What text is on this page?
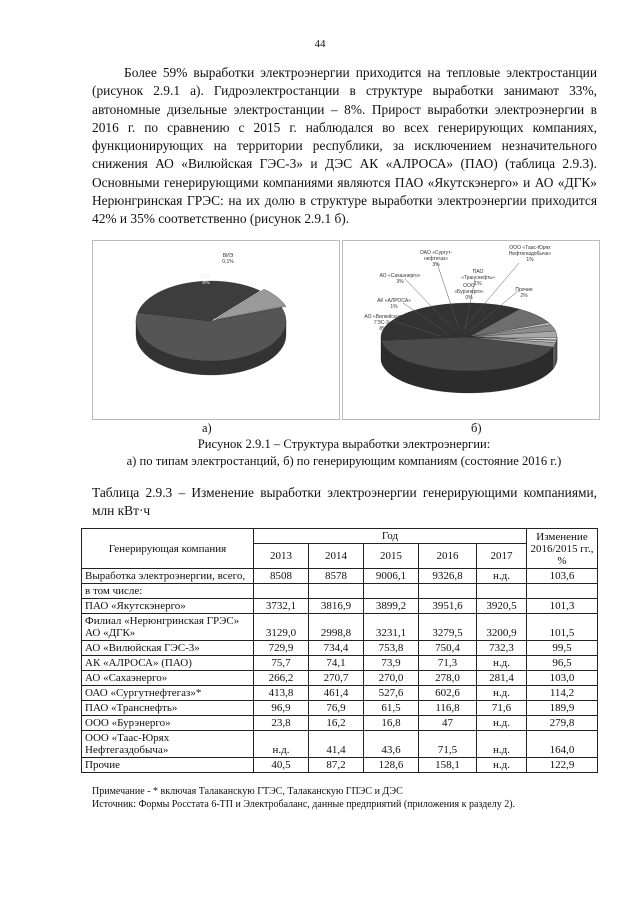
44

Более 59% выработки электроэнергии приходится на тепловые электростанции (рисунок 2.9.1 а). Гидроэлектростанции в структуре выработки занимают 33%, автономные дизельные электростанции – 8%. Прирост выработки электроэнергии в 2016 г. по сравнению с 2015 г. наблюдался во всех генерирующих компаниях, функционирующих на территории республики, за исключением незначительного снижения АО «Вилюйская ГЭС-3» и ДЭС АК «АЛРОСА» (ПАО) (таблица 2.9.3). Основными генерирующими компаниями являются ПАО «Якутскэнерго» и АО «ДГК» Нерюнгринская ГРЭС: на их долю в структуре выработки электроэнергии приходится 42% и 35% соответственно (рисунок 2.9.1 б).

ВИЭ
0,1%
ДЭС
8%
ООО «Таас-Юрях
Нефтегаздобыча»
1%
ОАО «Сургут-
нефтегаз»
3%
ПАО
«Транснефть»
1%
АО «Сахаэнерго»
3%
ООО «Бурэнерго»
0%
АК «АЛРОСА»
1%
Прочие
2%
АО «Вилюйская
ГЭС-3»
8%
а)	б)
Рисунок 2.9.1 – Структура выработки электроэнергии:
а) по типам электростанций, б) по генерирующим компаниям (состояние 2016 г.)

Таблица 2.9.3 – Изменение выработки электроэнергии генерирующими компаниями, млн кВт·ч

Генерирующая компания	Год					Изменение 2016/2015 гг., %
	2013	2014	2015	2016	2017	
Выработка электроэнергии, всего,	8508	8578	9006,1	9326,8	н.д.	103,6
в том числе:						
ПАО «Якутскэнерго»	3732,1	3816,9	3899,2	3951,6	3920,5	101,3
Филиал «Нерюнгринская ГРЭС» АО «ДГК»	3129,0	2998,8	3231,1	3279,5	3200,9	101,5
АО «Вилюйская ГЭС-3»	729,9	734,4	753,8	750,4	732,3	99,5
АК «АЛРОСА» (ПАО)	75,7	74,1	73,9	71,3	н.д.	96,5
АО «Сахаэнерго»	266,2	270,7	270,0	278,0	281,4	103,0
ОАО «Сургутнефтегаз»*	413,8	461,4	527,6	602,6	н.д.	114,2
ПАО «Транснефть»	96,9	76,9	61,5	116,8	71,6	189,9
ООО «Бурэнерго»	23,8	16,2	16,8	47	н.д.	279,8
ООО «Таас-Юрях Нефтегаздобыча»	н.д.	41,4	43,6	71,5	н.д.	164,0
Прочие	40,5	87,2	128,6	158,1	н.д.	122,9
Примечание - * включая Талаканскую ГТЭС, Талаканскую ГПЭС и ДЭС
Источник: Формы Росстата 6-ТП и Электробаланс, данные предприятий (приложения к разделу 2).
